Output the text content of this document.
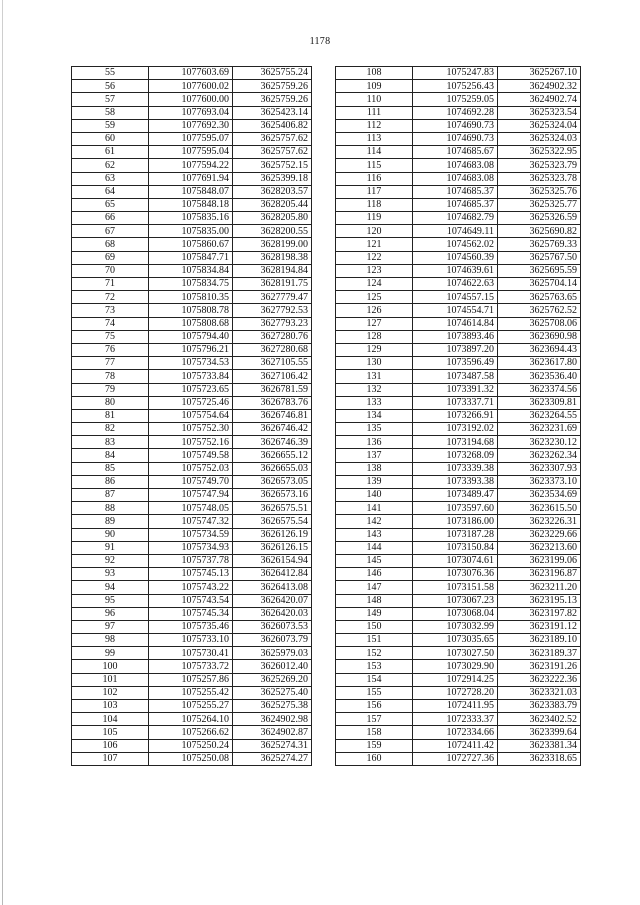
1178
55	1077603.69	3625755.24
56	1077600.02	3625759.26
57	1077600.00	3625759.26
58	1077693.04	3625423.14
59	1077692.30	3625406.82
60	1077595.07	3625757.62
61	1077595.04	3625757.62
62	1077594.22	3625752.15
63	1077691.94	3625399.18
64	1075848.07	3628203.57
65	1075848.18	3628205.44
66	1075835.16	3628205.80
67	1075835.00	3628200.55
68	1075860.67	3628199.00
69	1075847.71	3628198.38
70	1075834.84	3628194.84
71	1075834.75	3628191.75
72	1075810.35	3627779.47
73	1075808.78	3627792.53
74	1075808.68	3627793.23
75	1075794.40	3627280.76
76	1075796.21	3627280.68
77	1075734.53	3627105.55
78	1075733.84	3627106.42
79	1075723.65	3626781.59
80	1075725.46	3626783.76
81	1075754.64	3626746.81
82	1075752.30	3626746.42
83	1075752.16	3626746.39
84	1075749.58	3626655.12
85	1075752.03	3626655.03
86	1075749.70	3626573.05
87	1075747.94	3626573.16
88	1075748.05	3626575.51
89	1075747.32	3626575.54
90	1075734.59	3626126.19
91	1075734.93	3626126.15
92	1075737.78	3626154.94
93	1075745.13	3626412.84
94	1075743.22	3626413.08
95	1075743.54	3626420.07
96	1075745.34	3626420.03
97	1075735.46	3626073.53
98	1075733.10	3626073.79
99	1075730.41	3625979.03
100	1075733.72	3626012.40
101	1075257.86	3625269.20
102	1075255.42	3625275.40
103	1075255.27	3625275.38
104	1075264.10	3624902.98
105	1075266.62	3624902.87
106	1075250.24	3625274.31
107	1075250.08	3625274.27
108	1075247.83	3625267.10
109	1075256.43	3624902.32
110	1075259.05	3624902.74
111	1074692.28	3625323.54
112	1074690.73	3625324.04
113	1074690.73	3625324.03
114	1074685.67	3625322.95
115	1074683.08	3625323.79
116	1074683.08	3625323.78
117	1074685.37	3625325.76
118	1074685.37	3625325.77
119	1074682.79	3625326.59
120	1074649.11	3625690.82
121	1074562.02	3625769.33
122	1074560.39	3625767.50
123	1074639.61	3625695.59
124	1074622.63	3625704.14
125	1074557.15	3625763.65
126	1074554.71	3625762.52
127	1074614.84	3625708.06
128	1073893.46	3623690.98
129	1073897.20	3623694.43
130	1073596.49	3623617.80
131	1073487.58	3623536.40
132	1073391.32	3623374.56
133	1073337.71	3623309.81
134	1073266.91	3623264.55
135	1073192.02	3623231.69
136	1073194.68	3623230.12
137	1073268.09	3623262.34
138	1073339.38	3623307.93
139	1073393.38	3623373.10
140	1073489.47	3623534.69
141	1073597.60	3623615.50
142	1073186.00	3623226.31
143	1073187.28	3623229.66
144	1073150.84	3623213.60
145	1073074.61	3623199.06
146	1073076.36	3623196.87
147	1073151.58	3623211.20
148	1073067.23	3623195.13
149	1073068.04	3623197.82
150	1073032.99	3623191.12
151	1073035.65	3623189.10
152	1073027.50	3623189.37
153	1073029.90	3623191.26
154	1072914.25	3623222.36
155	1072728.20	3623321.03
156	1072411.95	3623383.79
157	1072333.37	3623402.52
158	1072334.66	3623399.64
159	1072411.42	3623381.34
160	1072727.36	3623318.65
